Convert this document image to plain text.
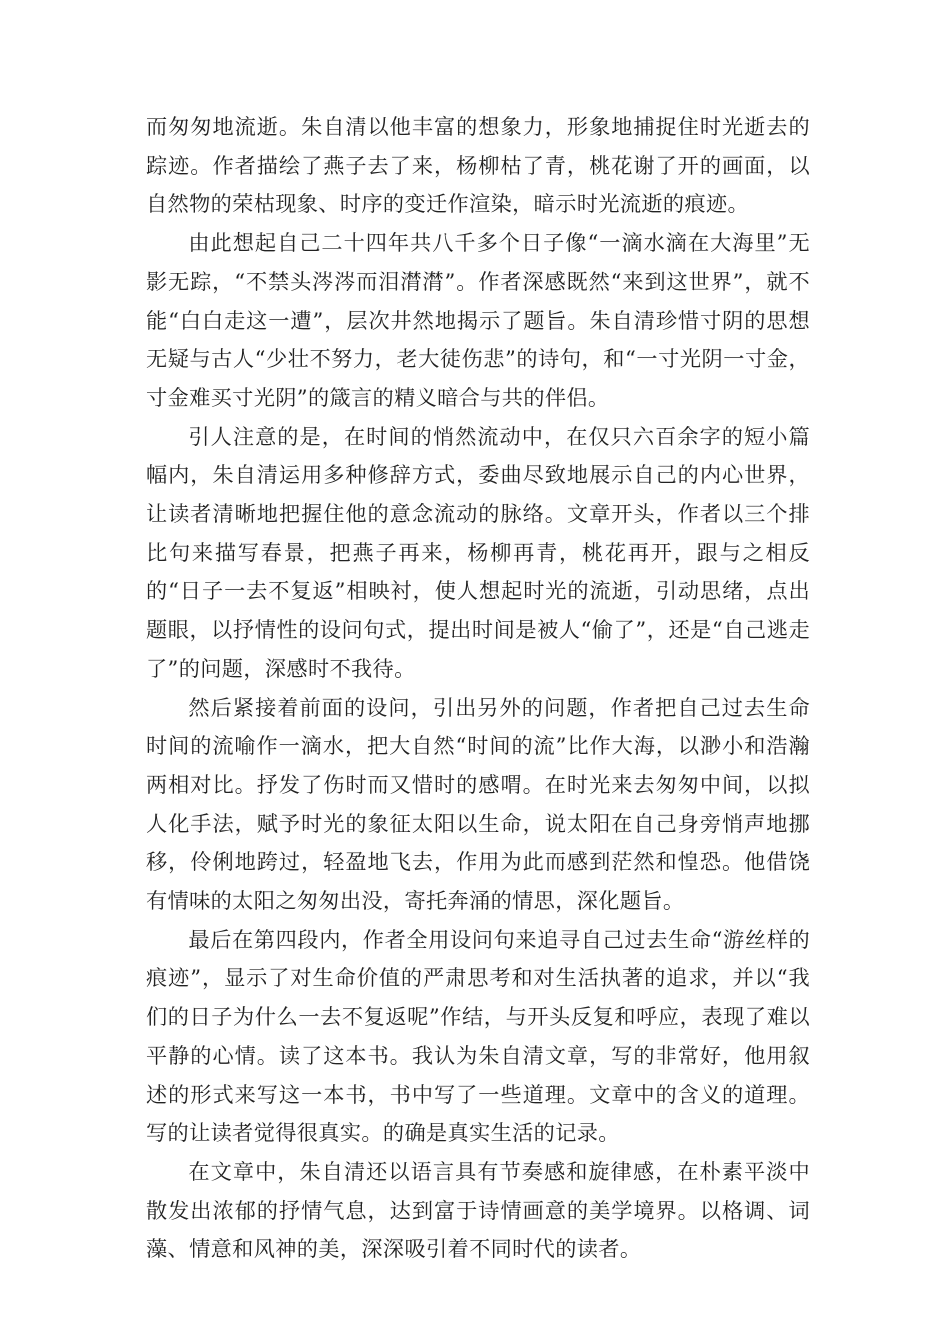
而匆匆地流逝。朱自清以他丰富的想象力，形象地捕捉住时光逝去的踪迹。作者描绘了燕子去了来，杨柳枯了青，桃花谢了开的画面，以自然物的荣枯现象、时序的变迁作渲染，暗示时光流逝的痕迹。

由此想起自己二十四年共八千多个日子像“一滴水滴在大海里”无影无踪，“不禁头涔涔而泪潸潸”。作者深感既然“来到这世界”，就不能“白白走这一遭”，层次井然地揭示了题旨。朱自清珍惜寸阴的思想无疑与古人“少壮不努力，老大徒伤悲”的诗句，和“一寸光阴一寸金，寸金难买寸光阴”的箴言的精义暗合与共的伴侣。

引人注意的是，在时间的悄然流动中，在仅只六百余字的短小篇幅内，朱自清运用多种修辞方式，委曲尽致地展示自己的内心世界，让读者清晰地把握住他的意念流动的脉络。文章开头，作者以三个排比句来描写春景，把燕子再来，杨柳再青，桃花再开，跟与之相反的“日子一去不复返”相映衬，使人想起时光的流逝，引动思绪，点出题眼，以抒情性的设问句式，提出时间是被人“偷了”，还是“自己逃走了”的问题，深感时不我待。

然后紧接着前面的设问，引出另外的问题，作者把自己过去生命时间的流喻作一滴水，把大自然“时间的流”比作大海，以渺小和浩瀚两相对比。抒发了伤时而又惜时的感喟。在时光来去匆匆中间，以拟人化手法，赋予时光的象征太阳以生命，说太阳在自己身旁悄声地挪移，伶俐地跨过，轻盈地飞去，作用为此而感到茫然和惶恐。他借饶有情味的太阳之匆匆出没，寄托奔涌的情思，深化题旨。

最后在第四段内，作者全用设问句来追寻自己过去生命“游丝样的痕迹”，显示了对生命价值的严肃思考和对生活执著的追求，并以“我们的日子为什么一去不复返呢”作结，与开头反复和呼应，表现了难以平静的心情。读了这本书。我认为朱自清文章，写的非常好，他用叙述的形式来写这一本书，书中写了一些道理。文章中的含义的道理。写的让读者觉得很真实。的确是真实生活的记录。

在文章中，朱自清还以语言具有节奏感和旋律感，在朴素平淡中散发出浓郁的抒情气息，达到富于诗情画意的美学境界。以格调、词藻、情意和风神的美，深深吸引着不同时代的读者。
